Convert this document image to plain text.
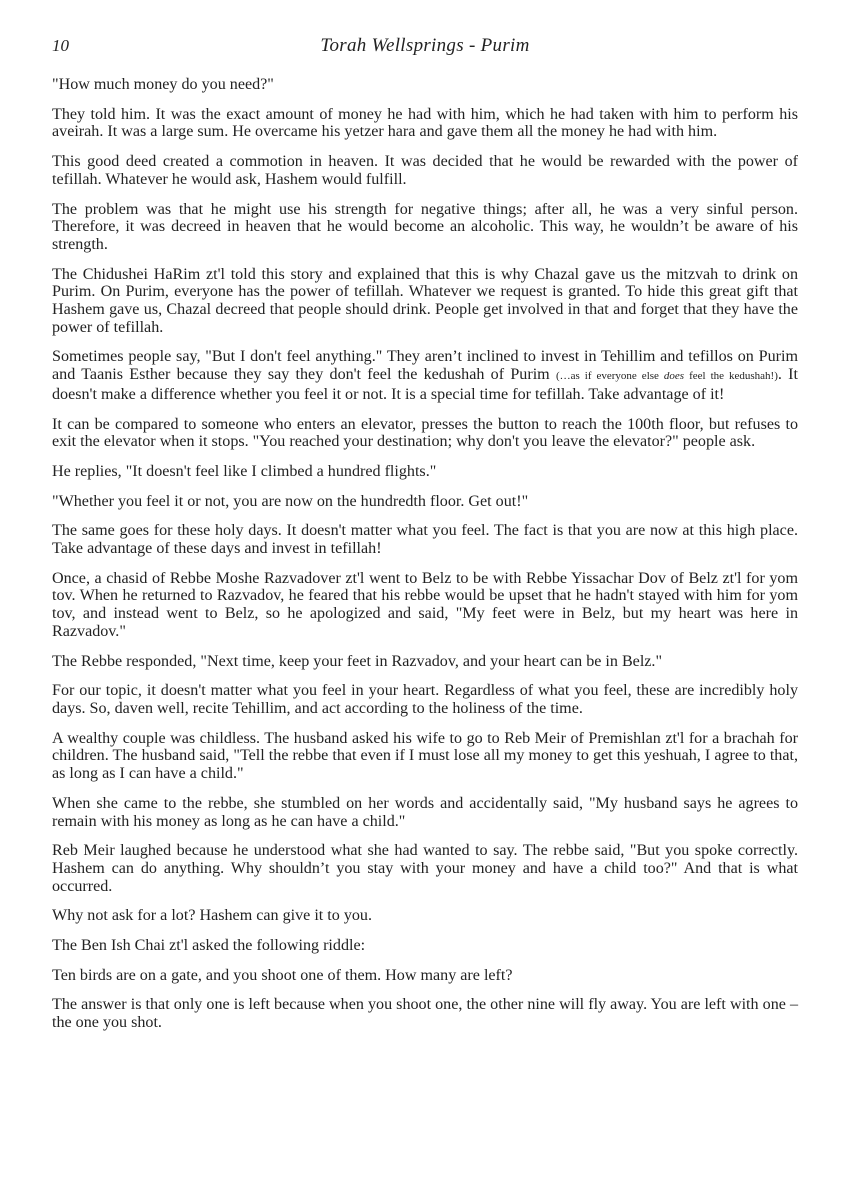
10	Torah Wellsprings - Purim

"How much money do you need?"

They told him. It was the exact amount of money he had with him, which he had taken with him to perform his aveirah. It was a large sum. He overcame his yetzer hara and gave them all the money he had with him.

This good deed created a commotion in heaven. It was decided that he would be rewarded with the power of tefillah. Whatever he would ask, Hashem would fulfill.

The problem was that he might use his strength for negative things; after all, he was a very sinful person. Therefore, it was decreed in heaven that he would become an alcoholic. This way, he wouldn’t be aware of his strength.

The Chidushei HaRim zt'l told this story and explained that this is why Chazal gave us the mitzvah to drink on Purim. On Purim, everyone has the power of tefillah. Whatever we request is granted. To hide this great gift that Hashem gave us, Chazal decreed that people should drink. People get involved in that and forget that they have the power of tefillah.

Sometimes people say, "But I don't feel anything." They aren’t inclined to invest in Tehillim and tefillos on Purim and Taanis Esther because they say they don't feel the kedushah of Purim (…as if everyone else does feel the kedushah!). It doesn't make a difference whether you feel it or not. It is a special time for tefillah. Take advantage of it!

It can be compared to someone who enters an elevator, presses the button to reach the 100th floor, but refuses to exit the elevator when it stops. "You reached your destination; why don't you leave the elevator?" people ask.

He replies, "It doesn't feel like I climbed a hundred flights."

"Whether you feel it or not, you are now on the hundredth floor. Get out!"

The same goes for these holy days. It doesn't matter what you feel. The fact is that you are now at this high place. Take advantage of these days and invest in tefillah!

Once, a chasid of Rebbe Moshe Razvadover zt'l went to Belz to be with Rebbe Yissachar Dov of Belz zt'l for yom tov. When he returned to Razvadov, he feared that his rebbe would be upset that he hadn't stayed with him for yom tov, and instead went to Belz, so he apologized and said, "My feet were in Belz, but my heart was here in Razvadov."

The Rebbe responded, "Next time, keep your feet in Razvadov, and your heart can be in Belz."

For our topic, it doesn't matter what you feel in your heart. Regardless of what you feel, these are incredibly holy days. So, daven well, recite Tehillim, and act according to the holiness of the time.

A wealthy couple was childless. The husband asked his wife to go to Reb Meir of Premishlan zt'l for a brachah for children. The husband said, "Tell the rebbe that even if I must lose all my money to get this yeshuah, I agree to that, as long as I can have a child."

When she came to the rebbe, she stumbled on her words and accidentally said, "My husband says he agrees to remain with his money as long as he can have a child."

Reb Meir laughed because he understood what she had wanted to say. The rebbe said, "But you spoke correctly. Hashem can do anything. Why shouldn’t you stay with your money and have a child too?" And that is what occurred.

Why not ask for a lot? Hashem can give it to you.

The Ben Ish Chai zt'l asked the following riddle:

Ten birds are on a gate, and you shoot one of them. How many are left?

The answer is that only one is left because when you shoot one, the other nine will fly away. You are left with one – the one you shot.
